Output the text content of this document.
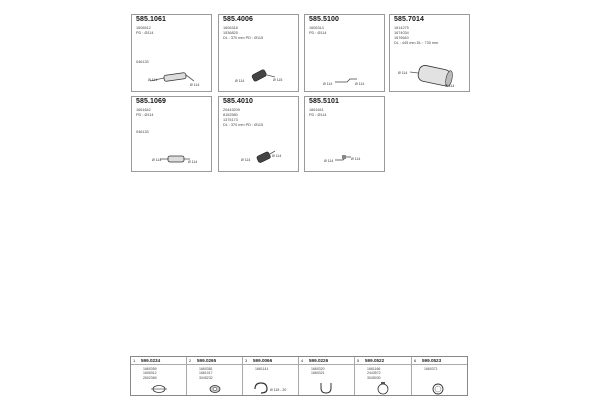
585.1061
1606512
PD : Ø114
046133
Ø 114
Ø 114
585.4006
1606318
1536825
DL : 370 mm PD : Ø115
Ø 114	Ø 115
585.5100
1606314
PD : Ø114
Ø 114	Ø 114
585.7014
1614275
1674034
1676640
DL : 445 mm DL : 730 mm
Ø 114
Ø 114
585.1069
1661642
PD : Ø114
046133
Ø 114	Ø 114
585.4010
20443209
8152580
1375173
DL : 370 mm PD : Ø115
Ø 114
Ø 114
585.5101
1661641
PD : Ø114
Ø 114	Ø 114
1 599.0234
1660359
1606312
2602369
2 599.0265
1660381
1661017
3045232
3 599.0066
1661141
Ø 115 - 20
4 599.0226
1660320
1660321
5 599.0522
1661166
2443572
3045030
6 599.0523
1660371
